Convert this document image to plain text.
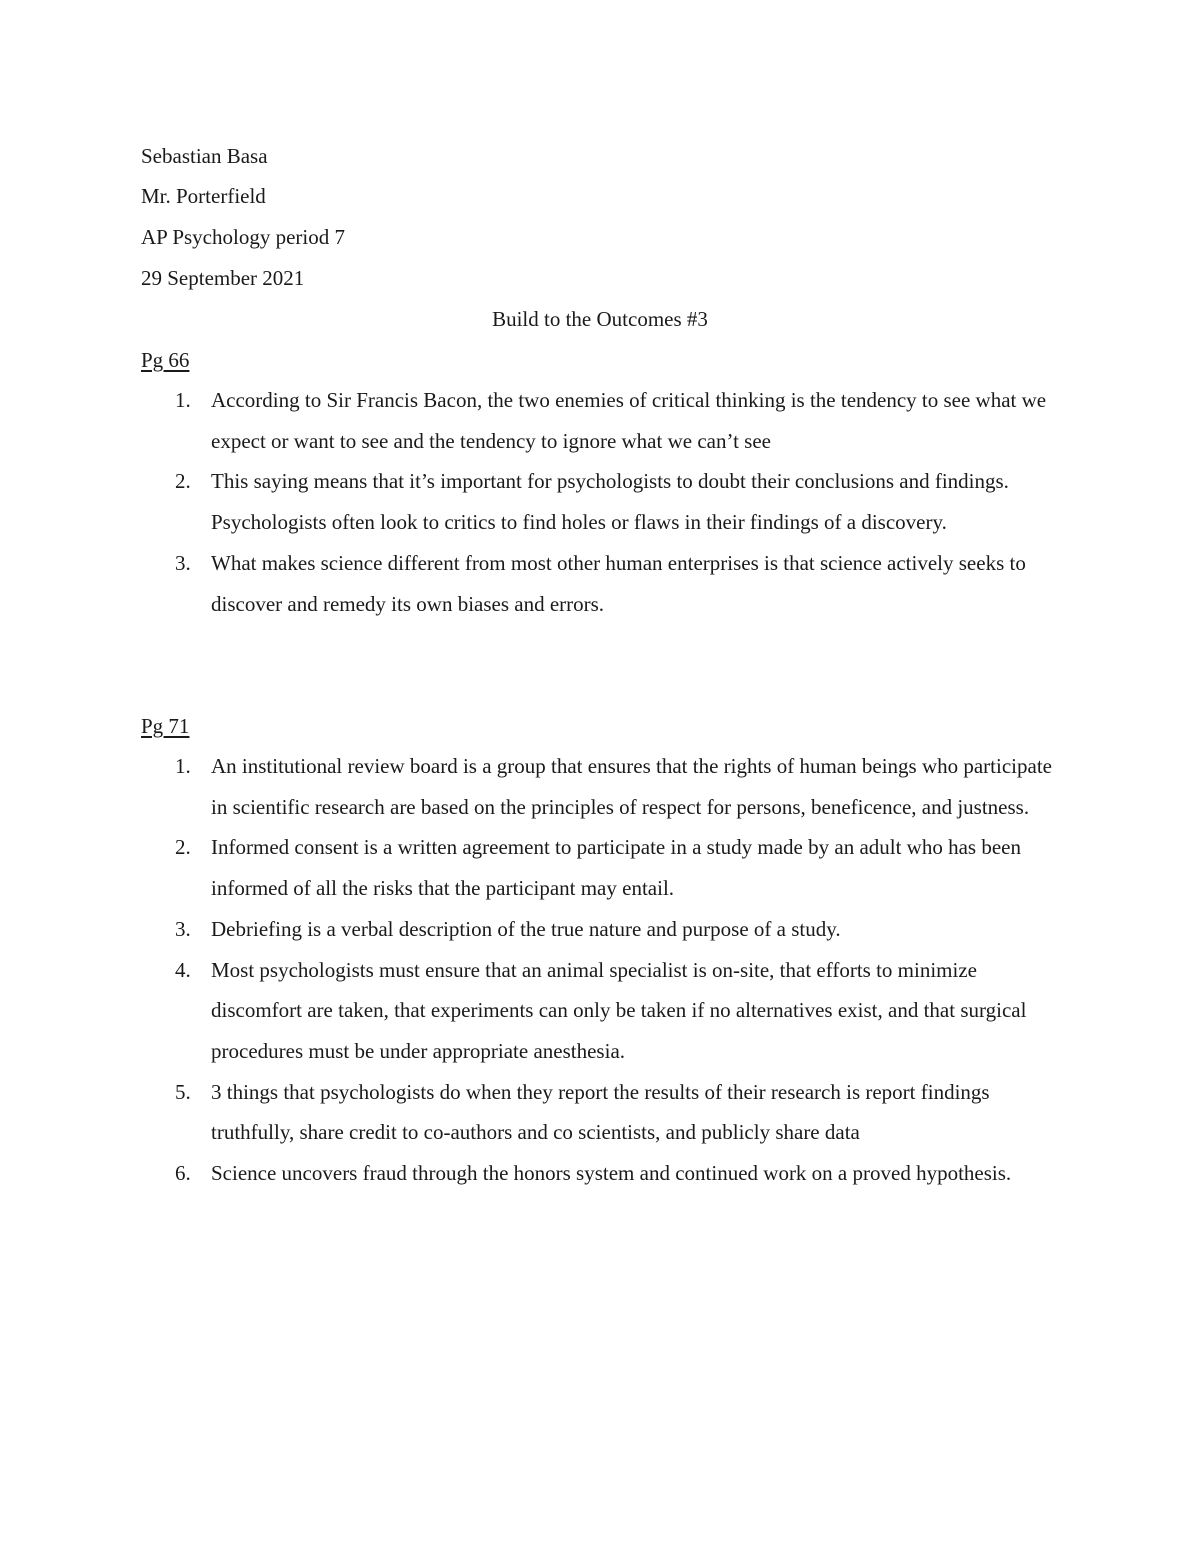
Sebastian Basa
Mr. Porterfield
AP Psychology period 7
29 September 2021
Build to the Outcomes #3
Pg 66
1. According to Sir Francis Bacon, the two enemies of critical thinking is the tendency to see what we expect or want to see and the tendency to ignore what we can’t see
2. This saying means that it’s important for psychologists to doubt their conclusions and findings. Psychologists often look to critics to find holes or flaws in their findings of a discovery.
3. What makes science different from most other human enterprises is that science actively seeks to discover and remedy its own biases and errors.
Pg 71
1. An institutional review board is a group that ensures that the rights of human beings who participate in scientific research are based on the principles of respect for persons, beneficence, and justness.
2. Informed consent is a written agreement to participate in a study made by an adult who has been informed of all the risks that the participant may entail.
3. Debriefing is a verbal description of the true nature and purpose of a study.
4. Most psychologists must ensure that an animal specialist is on-site, that efforts to minimize discomfort are taken, that experiments can only be taken if no alternatives exist, and that surgical procedures must be under appropriate anesthesia.
5. 3 things that psychologists do when they report the results of their research is report findings truthfully, share credit to co-authors and co scientists, and publicly share data
6. Science uncovers fraud through the honors system and continued work on a proved hypothesis.
